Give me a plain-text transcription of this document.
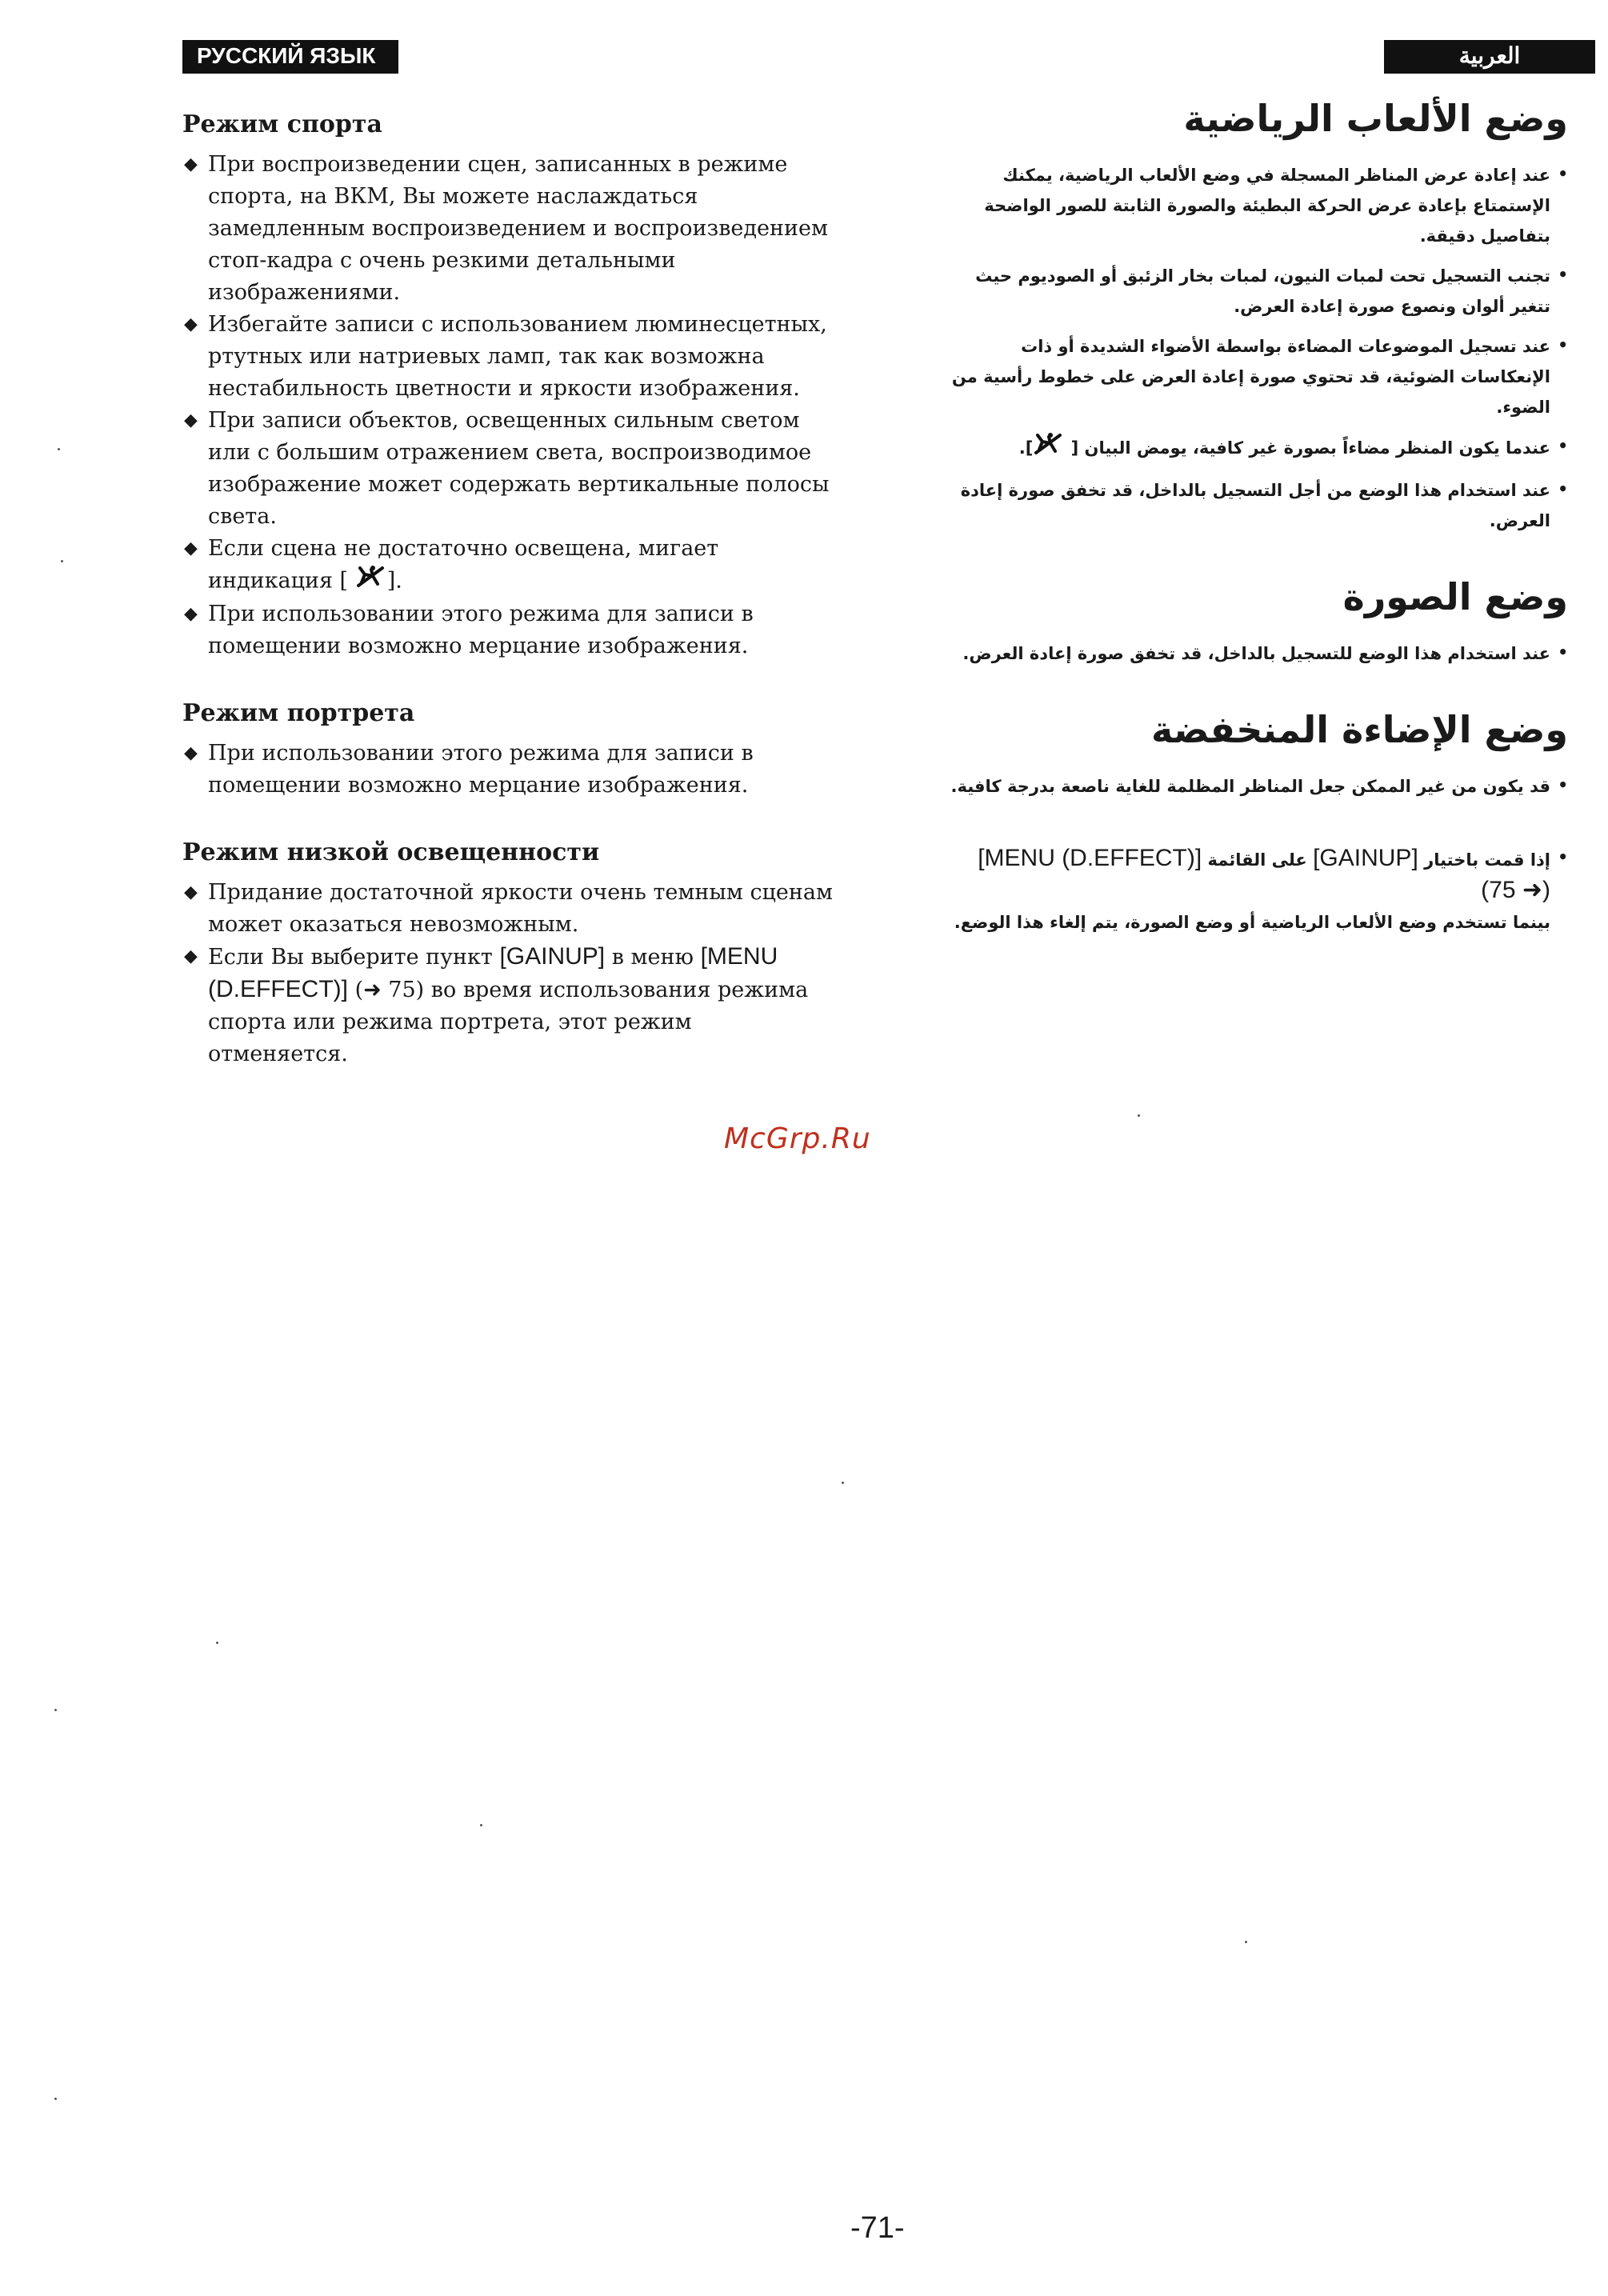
РУССКИЙ ЯЗЫК	العربية
Режим спорта
◆ При воспроизведении сцен, записанных в режиме спорта, на ВКМ, Вы можете наслаждаться замедленным воспроизведением и воспроизведением стоп-кадра с очень резкими детальными изображениями.
◆ Избегайте записи с использованием люминесцетных, ртутных или натриевых ламп, так как возможна нестабильность цветности и яркости изображения.
◆ При записи объектов, освещенных сильным светом или с большим отражением света, воспроизводимое изображение может содержать вертикальные полосы света.
◆ Если сцена не достаточно освещена, мигает индикация [ ].
◆ При использовании этого режима для записи в помещении возможно мерцание изображения.
Режим портрета
◆ При использовании этого режима для записи в помещении возможно мерцание изображения.
Режим низкой освещенности
◆ Придание достаточной яркости очень темным сценам может оказаться невозможным.
◆ Если Вы выберите пункт [GAINUP] в меню [MENU (D.EFFECT)] (➜ 75) во время использования режима спорта или режима портрета, этот режим отменяется.
وضع الألعاب الرياضية
•
عند إعادة عرض المناظر المسجلة في وضع الألعاب الرياضية، يمكنك الإستمتاع بإعادة عرض الحركة البطيئة والصورة الثابتة للصور الواضحة بتفاصيل دقيقة.
•
تجنب التسجيل تحت لمبات النيون، لمبات بخار الزئبق أو الصوديوم حيث تتغير ألوان ونصوع صورة إعادة العرض.
•
عند تسجيل الموضوعات المضاءة بواسطة الأضواء الشديدة أو ذات الإنعكاسات الضوئية، قد تحتوي صورة إعادة العرض على خطوط رأسية من الضوء.
•
عندما يكون المنظر مضاءاً بصورة غير كافية، يومض البيان [ ].
•
عند استخدام هذا الوضع من أجل التسجيل بالداخل، قد تخفق صورة إعادة العرض.
وضع الصورة
•
عند استخدام هذا الوضع للتسجيل بالداخل، قد تخفق صورة إعادة العرض.
وضع الإضاءة المنخفضة
•
قد يكون من غير الممكن جعل المناظر المظلمة للغاية ناصعة بدرجة كافية.
•
إذا قمت باختيار [GAINUP] على القائمة [MENU (D.EFFECT)]
(➜ 75)
بينما تستخدم وضع الألعاب الرياضية أو وضع الصورة، يتم إلغاء هذا الوضع.
McGrp.Ru
-71-
